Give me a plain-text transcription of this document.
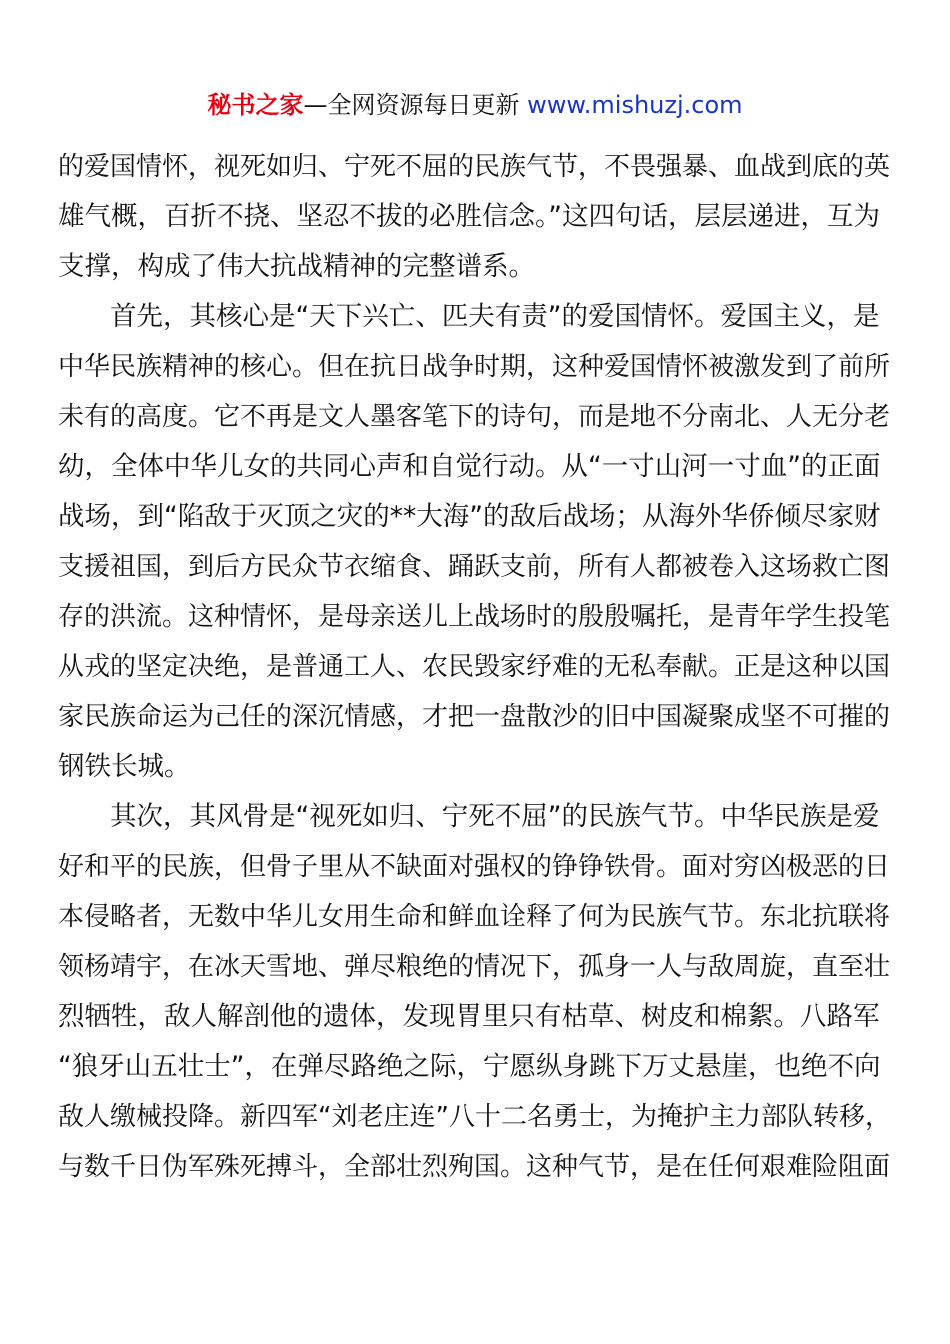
秘书之家—全网资源每日更新 www.mishuzj.com
的爱国情怀，视死如归、宁死不屈的民族气节，不畏强暴、血战到底的英
雄气概，百折不挠、坚忍不拔的必胜信念。”这四句话，层层递进，互为
支撑，构成了伟大抗战精神的完整谱系。
首先，其核心是“天下兴亡、匹夫有责”的爱国情怀。爱国主义，是
中华民族精神的核心。但在抗日战争时期，这种爱国情怀被激发到了前所
未有的高度。它不再是文人墨客笔下的诗句，而是地不分南北、人无分老
幼，全体中华儿女的共同心声和自觉行动。从“一寸山河一寸血”的正面
战场，到“陷敌于灭顶之灾的**大海”的敌后战场；从海外华侨倾尽家财
支援祖国，到后方民众节衣缩食、踊跃支前，所有人都被卷入这场救亡图
存的洪流。这种情怀，是母亲送儿上战场时的殷殷嘱托，是青年学生投笔
从戎的坚定决绝，是普通工人、农民毁家纾难的无私奉献。正是这种以国
家民族命运为己任的深沉情感，才把一盘散沙的旧中国凝聚成坚不可摧的
钢铁长城。
其次，其风骨是“视死如归、宁死不屈”的民族气节。中华民族是爱
好和平的民族，但骨子里从不缺面对强权的铮铮铁骨。面对穷凶极恶的日
本侵略者，无数中华儿女用生命和鲜血诠释了何为民族气节。东北抗联将
领杨靖宇，在冰天雪地、弹尽粮绝的情况下，孤身一人与敌周旋，直至壮
烈牺牲，敌人解剖他的遗体，发现胃里只有枯草、树皮和棉絮。八路军
“狼牙山五壮士”，在弹尽路绝之际，宁愿纵身跳下万丈悬崖，也绝不向
敌人缴械投降。新四军“刘老庄连”八十二名勇士，为掩护主力部队转移，
与数千日伪军殊死搏斗，全部壮烈殉国。这种气节，是在任何艰难险阻面
